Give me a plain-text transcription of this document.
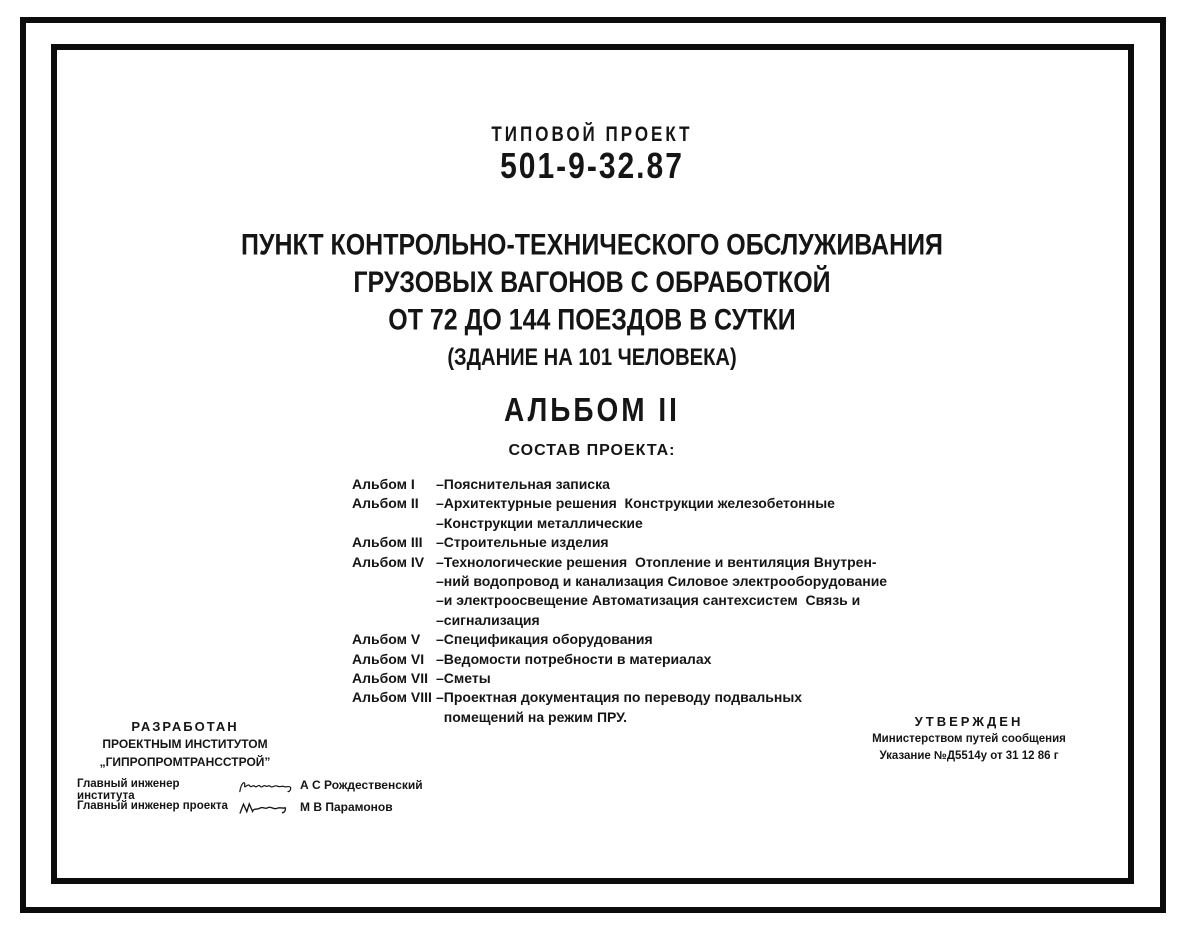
ТИПОВОЙ ПРОЕКТ
501-9-32.87
ПУНКТ КОНТРОЛЬНО-ТЕХНИЧЕСКОГО ОБСЛУЖИВАНИЯ
ГРУЗОВЫХ ВАГОНОВ С ОБРАБОТКОЙ
ОТ 72 ДО 144 ПОЕЗДОВ В СУТКИ
(ЗДАНИЕ НА 101 ЧЕЛОВЕКА)
АЛЬБОМ II
СОСТАВ ПРОЕКТА:
Альбом I	–Пояснительная записка
Альбом II	–Архитектурные решения  Конструкции железобетонные
–Конструкции металлические
Альбом III –Строительные изделия
Альбом IV –Технологические решения  Отопление и вентиляция Внутрен-
–ний водопровод и канализация Силовое электрооборудование
–и электроосвещение Автоматизация сантехсистем  Связь и
–сигнализация
Альбом V	–Спецификация оборудования
Альбом VI –Ведомости потребности в материалах
Альбом VII –Сметы
Альбом VIII –Проектная документация по переводу подвальных
помещений на режим ПРУ.
РАЗРАБОТАН
ПРОЕКТНЫМ ИНСТИТУТОМ
„ГИПРОПРОМТРАНССТРОЙ”
Главный инженер института
А С Рождественский
Главный инженер проекта	М В Парамонов
УТВЕРЖДЕН
Министерством путей сообщения
Указание №Д5514у от 31 12 86 г
